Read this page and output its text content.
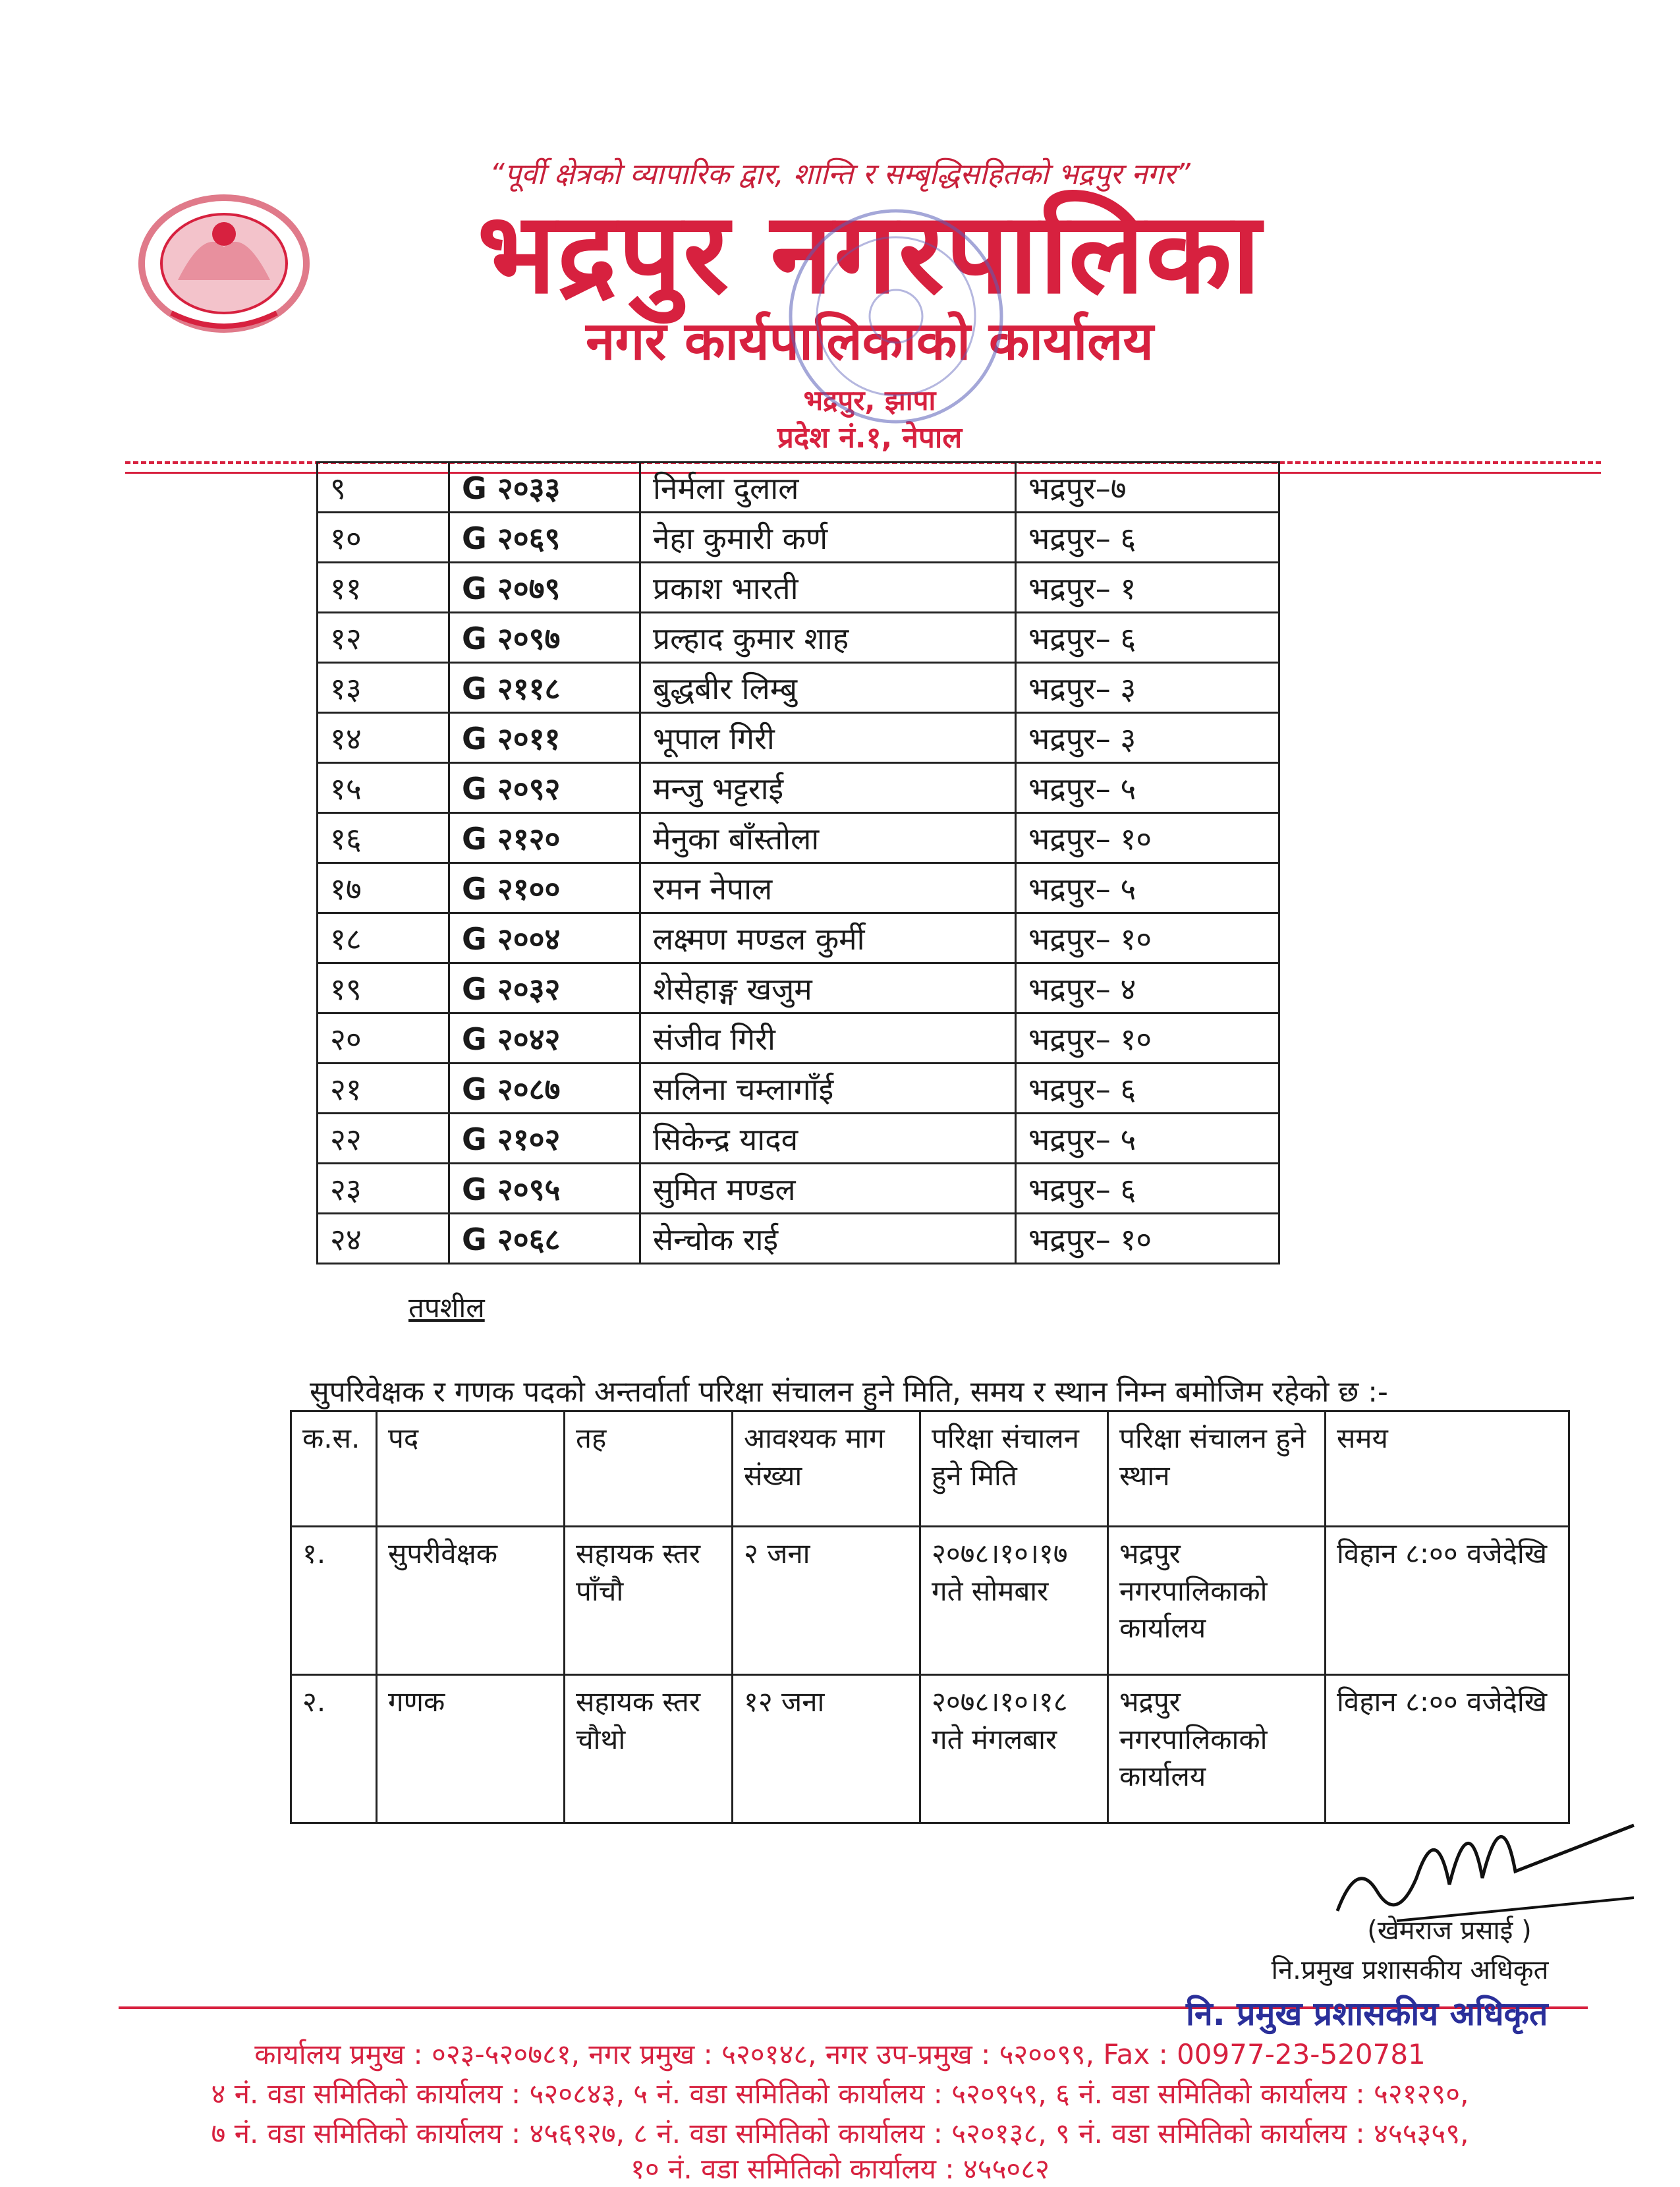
“पूर्वी क्षेत्रको व्यापारिक द्वार, शान्ति र सम्बृद्धिसहितको भद्रपुर नगर”
भद्रपुर नगरपालिका
नगर कार्यपालिकाको कार्यालय
भद्रपुर, झापा
प्रदेश नं.१, नेपाल
९	G २०३३	निर्मला दुलाल	भद्रपुर–७
१०	G २०६९	नेहा कुमारी कर्ण	भद्रपुर– ६
११	G २०७९	प्रकाश भारती	भद्रपुर– १
१२	G २०९७	प्रल्हाद कुमार शाह	भद्रपुर– ६
१३	G २११८	बुद्धबीर लिम्बु	भद्रपुर– ३
१४	G २०११	भूपाल गिरी	भद्रपुर– ३
१५	G २०९२	मन्जु भट्टराई	भद्रपुर– ५
१६	G २१२०	मेनुका बाँस्तोला	भद्रपुर– १०
१७	G २१००	रमन नेपाल	भद्रपुर– ५
१८	G २००४	लक्ष्मण मण्डल कुर्मी	भद्रपुर– १०
१९	G २०३२	शेसेहाङ्ग खजुम	भद्रपुर– ४
२०	G २०४२	संजीव गिरी	भद्रपुर– १०
२१	G २०८७	सलिना चम्लागाँई	भद्रपुर– ६
२२	G २१०२	सिकेन्द्र यादव	भद्रपुर– ५
२३	G २०९५	सुमित मण्डल	भद्रपुर– ६
२४	G २०६८	सेन्चोक राई	भद्रपुर– १०
तपशील
सुपरिवेक्षक र गणक पदको अन्तर्वार्ता परिक्षा संचालन हुने मिति, समय र स्थान निम्न बमोजिम रहेको छ :-
क.स.	पद	तह	आवश्यक माग संख्या	परिक्षा संचालन हुने मिति	परिक्षा संचालन हुने स्थान	समय
१.	सुपरीवेक्षक	सहायक स्तर पाँचौ	२ जना	२०७८।१०।१७ गते सोमबार	भद्रपुर नगरपालिकाको कार्यालय	विहान ८:०० वजेदेखि
२.	गणक	सहायक स्तर चौथो	१२ जना	२०७८।१०।१८ गते मंगलबार	भद्रपुर नगरपालिकाको कार्यालय	विहान ८:०० वजेदेखि
(खेमराज प्रसाई )
नि.प्रमुख प्रशासकीय अधिकृत
नि. प्रमुख प्रशासकीय अधिकृत
कार्यालय प्रमुख : ०२३-५२०७८१, नगर प्रमुख : ५२०१४८, नगर उप-प्रमुख : ५२००९९, Fax : 00977-23-520781
४ नं. वडा समितिको कार्यालय : ५२०८४३, ५ नं. वडा समितिको कार्यालय : ५२०९५९, ६ नं. वडा समितिको कार्यालय : ५२१२९०,
७ नं. वडा समितिको कार्यालय : ४५६९२७, ८ नं. वडा समितिको कार्यालय : ५२०१३८, ९ नं. वडा समितिको कार्यालय : ४५५३५९,
१० नं. वडा समितिको कार्यालय : ४५५०८२
